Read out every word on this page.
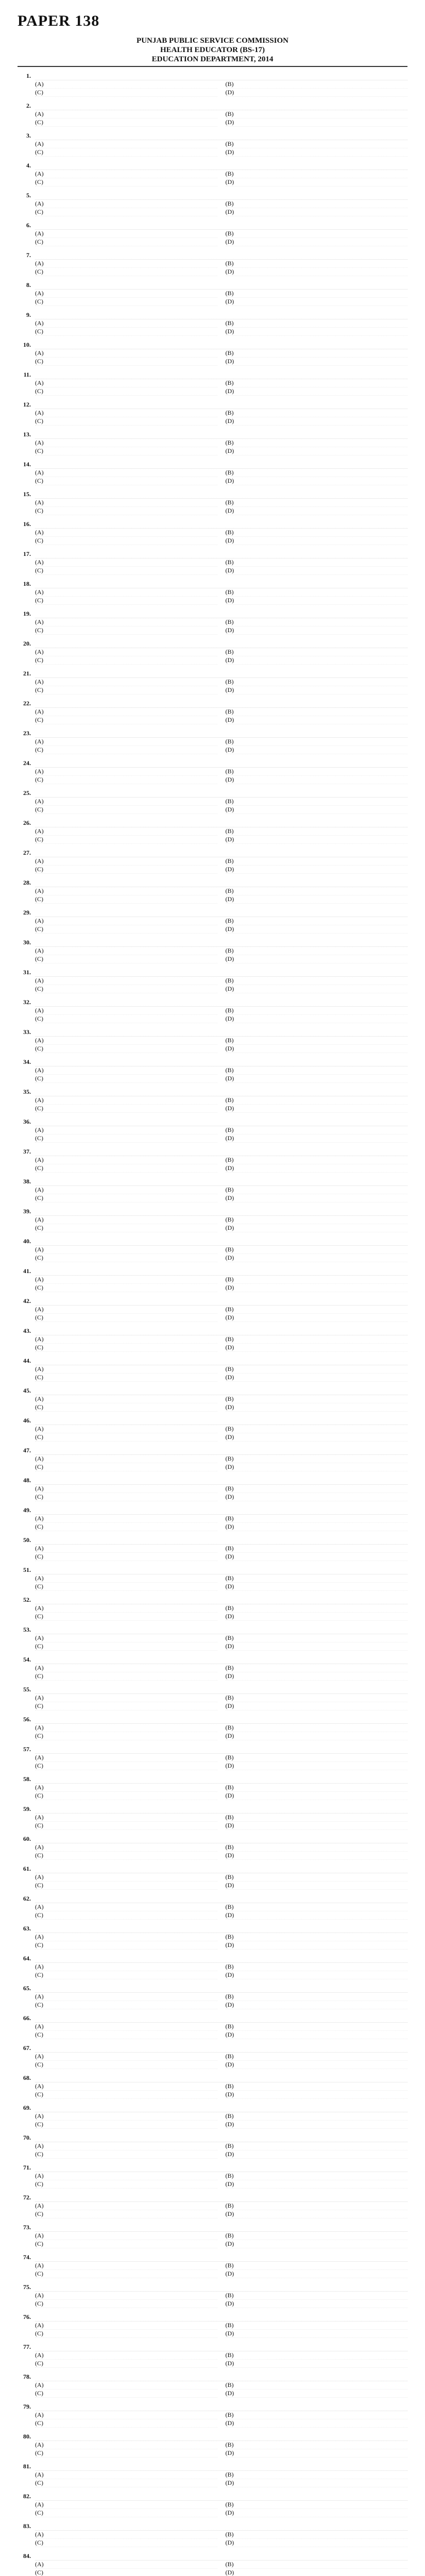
PAPER 138
PUNJAB PUBLIC SERVICE COMMISSION
HEALTH EDUCATOR (BS-17)
EDUCATION DEPARTMENT, 2014
1.
(A)	(B)
(C)	(D)
2.
(A)	(B)
(C)	(D)
3.
(A)	(B)
(C)	(D)
4.
(A)	(B)
(C)	(D)
5.
(A)	(B)
(C)	(D)
6.
(A)	(B)
(C)	(D)
7.
(A)	(B)
(C)	(D)
8.
(A)	(B)
(C)	(D)
9.
(A)	(B)
(C)	(D)
10.
(A)	(B)
(C)	(D)
11.
(A)	(B)
(C)	(D)
12.
(A)	(B)
(C)	(D)
13.
(A)	(B)
(C)	(D)
14.
(A)	(B)
(C)	(D)
15.
(A)	(B)
(C)	(D)
16.
(A)	(B)
(C)	(D)
17.
(A)	(B)
(C)	(D)
18.
(A)	(B)
(C)	(D)
19.
(A)	(B)
(C)	(D)
20.
(A)	(B)
(C)	(D)
21.
(A)	(B)
(C)	(D)
22.
(A)	(B)
(C)	(D)
23.
(A)	(B)
(C)	(D)
24.
(A)	(B)
(C)	(D)
25.
(A)	(B)
(C)	(D)
26.
(A)	(B)
(C)	(D)
27.
(A)	(B)
(C)	(D)
28.
(A)	(B)
(C)	(D)
29.
(A)	(B)
(C)	(D)
30.
(A)	(B)
(C)	(D)
31.
(A)	(B)
(C)	(D)
32.
(A)	(B)
(C)	(D)
33.
(A)	(B)
(C)	(D)
34.
(A)	(B)
(C)	(D)
35.
(A)	(B)
(C)	(D)
36.
(A)	(B)
(C)	(D)
37.
(A)	(B)
(C)	(D)
38.
(A)	(B)
(C)	(D)
39.
(A)	(B)
(C)	(D)
40.
(A)	(B)
(C)	(D)
41.
(A)	(B)
(C)	(D)
42.
(A)	(B)
(C)	(D)
43.
(A)	(B)
(C)	(D)
44.
(A)	(B)
(C)	(D)
45.
(A)	(B)
(C)	(D)
46.
(A)	(B)
(C)	(D)
47.
(A)	(B)
(C)	(D)
48.
(A)	(B)
(C)	(D)
49.
(A)	(B)
(C)	(D)
50.
(A)	(B)
(C)	(D)
51.
(A)	(B)
(C)	(D)
52.
(A)	(B)
(C)	(D)
53.
(A)	(B)
(C)	(D)
54.
(A)	(B)
(C)	(D)
55.
(A)	(B)
(C)	(D)
56.
(A)	(B)
(C)	(D)
57.
(A)	(B)
(C)	(D)
58.
(A)	(B)
(C)	(D)
59.
(A)	(B)
(C)	(D)
60.
(A)	(B)
(C)	(D)
61.
(A)	(B)
(C)	(D)
62.
(A)	(B)
(C)	(D)
63.
(A)	(B)
(C)	(D)
64.
(A)	(B)
(C)	(D)
65.
(A)	(B)
(C)	(D)
66.
(A)	(B)
(C)	(D)
67.
(A)	(B)
(C)	(D)
68.
(A)	(B)
(C)	(D)
69.
(A)	(B)
(C)	(D)
70.
(A)	(B)
(C)	(D)
71.
(A)	(B)
(C)	(D)
72.
(A)	(B)
(C)	(D)
73.
(A)	(B)
(C)	(D)
74.
(A)	(B)
(C)	(D)
75.
(A)	(B)
(C)	(D)
76.
(A)	(B)
(C)	(D)
77.
(A)	(B)
(C)	(D)
78.
(A)	(B)
(C)	(D)
79.
(A)	(B)
(C)	(D)
80.
(A)	(B)
(C)	(D)
81.
(A)	(B)
(C)	(D)
82.
(A)	(B)
(C)	(D)
83.
(A)	(B)
(C)	(D)
84.
(A)	(B)
(C)	(D)
